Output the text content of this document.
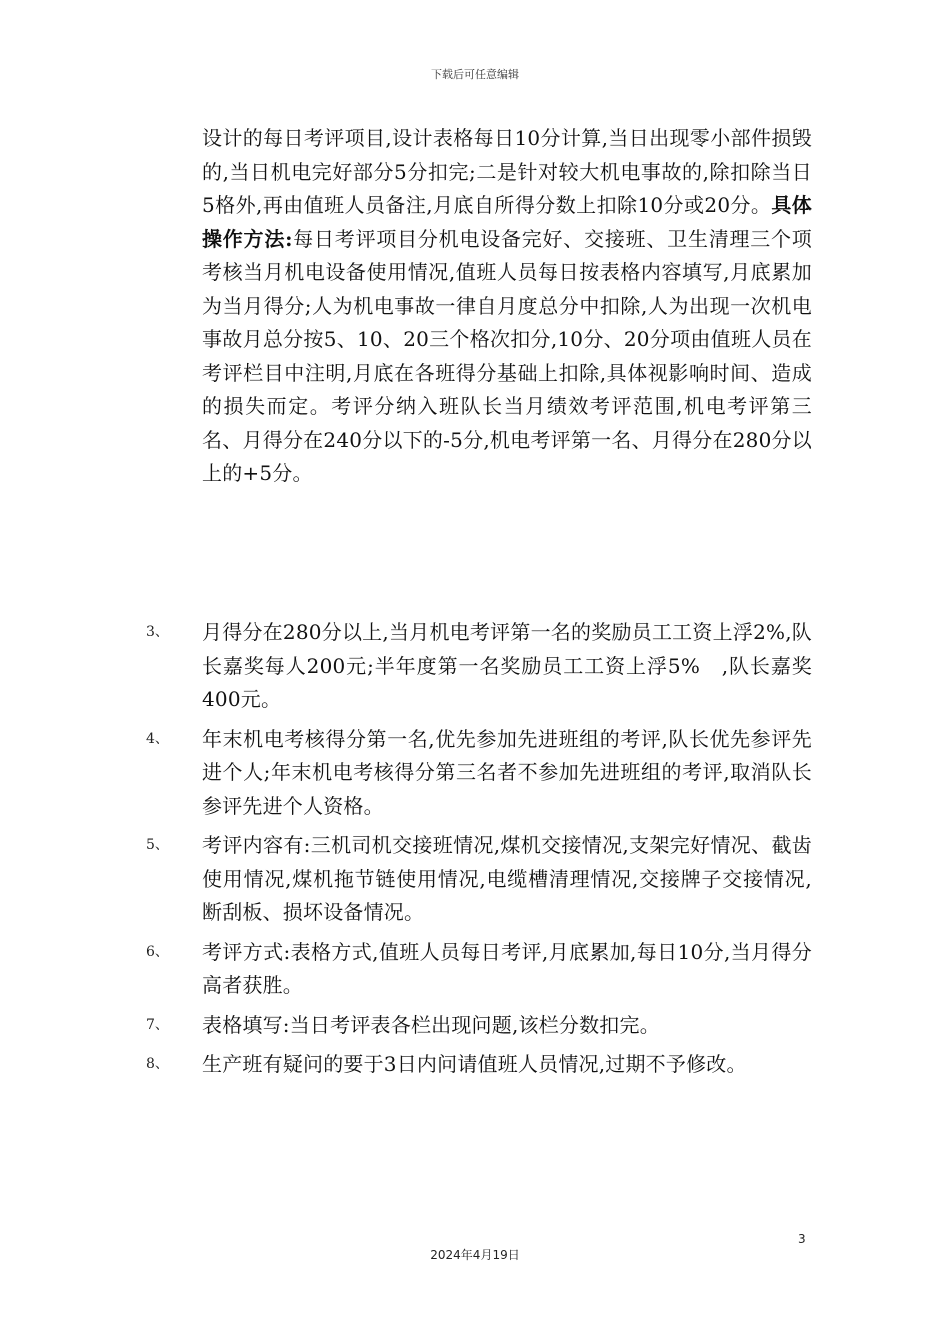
下载后可任意编辑
设计的每日考评项目,设计表格每日10分计算,当日出现零小部件损毁的,当日机电完好部分5分扣完;二是针对较大机电事故的,除扣除当日5格外,再由值班人员备注,月底自所得分数上扣除10分或20分。具体操作方法:每日考评项目分机电设备完好、交接班、卫生清理三个项考核当月机电设备使用情况,值班人员每日按表格内容填写,月底累加为当月得分;人为机电事故一律自月度总分中扣除,人为出现一次机电事故月总分按5、10、20三个格次扣分,10分、20分项由值班人员在考评栏目中注明,月底在各班得分基础上扣除,具体视影响时间、造成的损失而定。考评分纳入班队长当月绩效考评范围,机电考评第三名、月得分在240分以下的-5分,机电考评第一名、月得分在280分以上的+5分。
3、 月得分在280分以上,当月机电考评第一名的奖励员工工资上浮2%,队长嘉奖每人200元;半年度第一名奖励员工工资上浮5%　,队长嘉奖400元。
4、 年末机电考核得分第一名,优先参加先进班组的考评,队长优先参评先进个人;年末机电考核得分第三名者不参加先进班组的考评,取消队长参评先进个人资格。
5、 考评内容有:三机司机交接班情况,煤机交接情况,支架完好情况、截齿使用情况,煤机拖节链使用情况,电缆槽清理情况,交接牌子交接情况,断刮板、损坏设备情况。
6、 考评方式:表格方式,值班人员每日考评,月底累加,每日10分,当月得分高者获胜。
7、 表格填写:当日考评表各栏出现问题,该栏分数扣完。
8、 生产班有疑问的要于3日内问请值班人员情况,过期不予修改。
3
2024年4月19日
